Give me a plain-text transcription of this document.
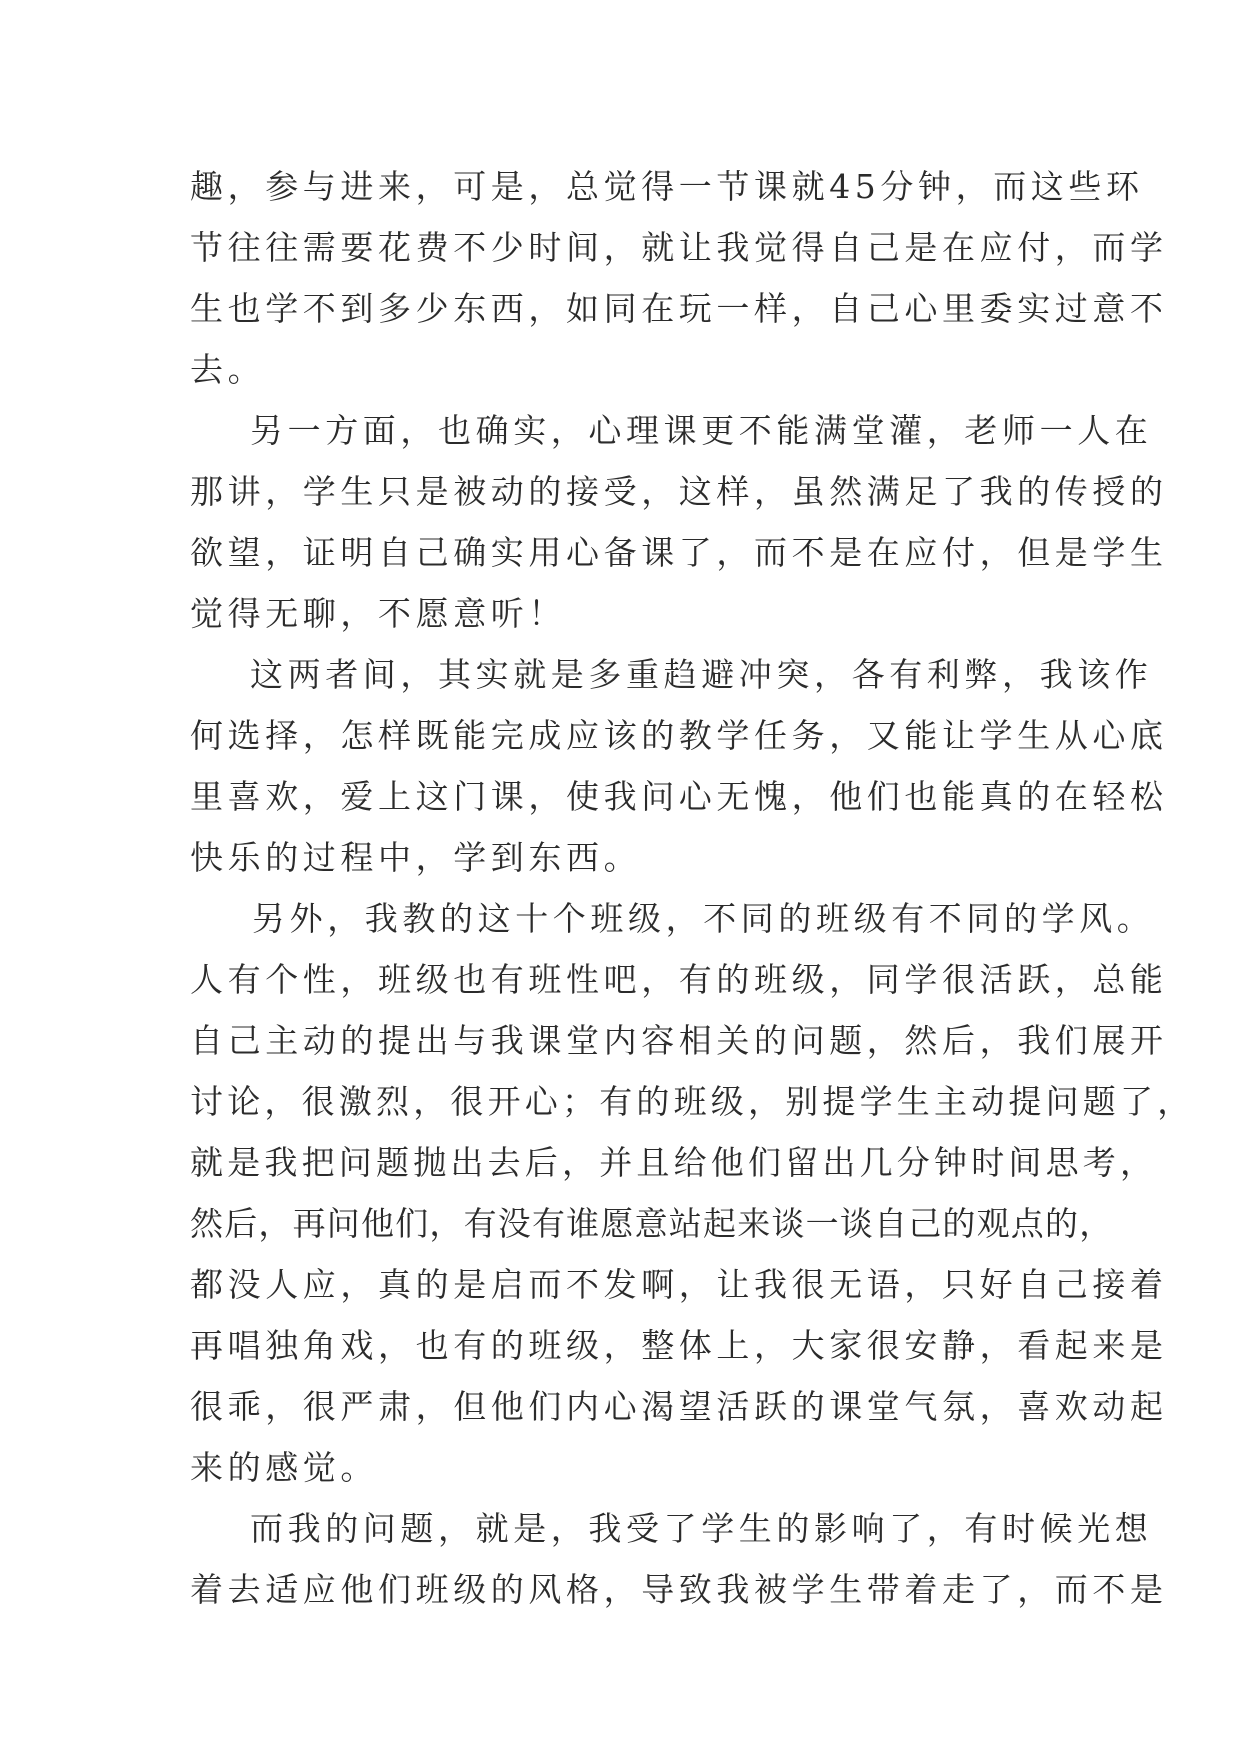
趣，参与进来，可是，总觉得一节课就45分钟，而这些环
节往往需要花费不少时间，就让我觉得自己是在应付，而学
生也学不到多少东西，如同在玩一样，自己心里委实过意不
去。
另一方面，也确实，心理课更不能满堂灌，老师一人在
那讲，学生只是被动的接受，这样，虽然满足了我的传授的
欲望，证明自己确实用心备课了，而不是在应付，但是学生
觉得无聊，不愿意听！
这两者间，其实就是多重趋避冲突，各有利弊，我该作
何选择，怎样既能完成应该的教学任务，又能让学生从心底
里喜欢，爱上这门课，使我问心无愧，他们也能真的在轻松
快乐的过程中，学到东西。
另外，我教的这十个班级，不同的班级有不同的学风。
人有个性，班级也有班性吧，有的班级，同学很活跃，总能
自己主动的提出与我课堂内容相关的问题，然后，我们展开
讨论，很激烈，很开心；有的班级，别提学生主动提问题了，
就是我把问题抛出去后，并且给他们留出几分钟时间思考，
然后，再问他们，有没有谁愿意站起来谈一谈自己的观点的，
都没人应，真的是启而不发啊，让我很无语，只好自己接着
再唱独角戏，也有的班级，整体上，大家很安静，看起来是
很乖，很严肃，但他们内心渴望活跃的课堂气氛，喜欢动起
来的感觉。
而我的问题，就是，我受了学生的影响了，有时候光想
着去适应他们班级的风格，导致我被学生带着走了，而不是
